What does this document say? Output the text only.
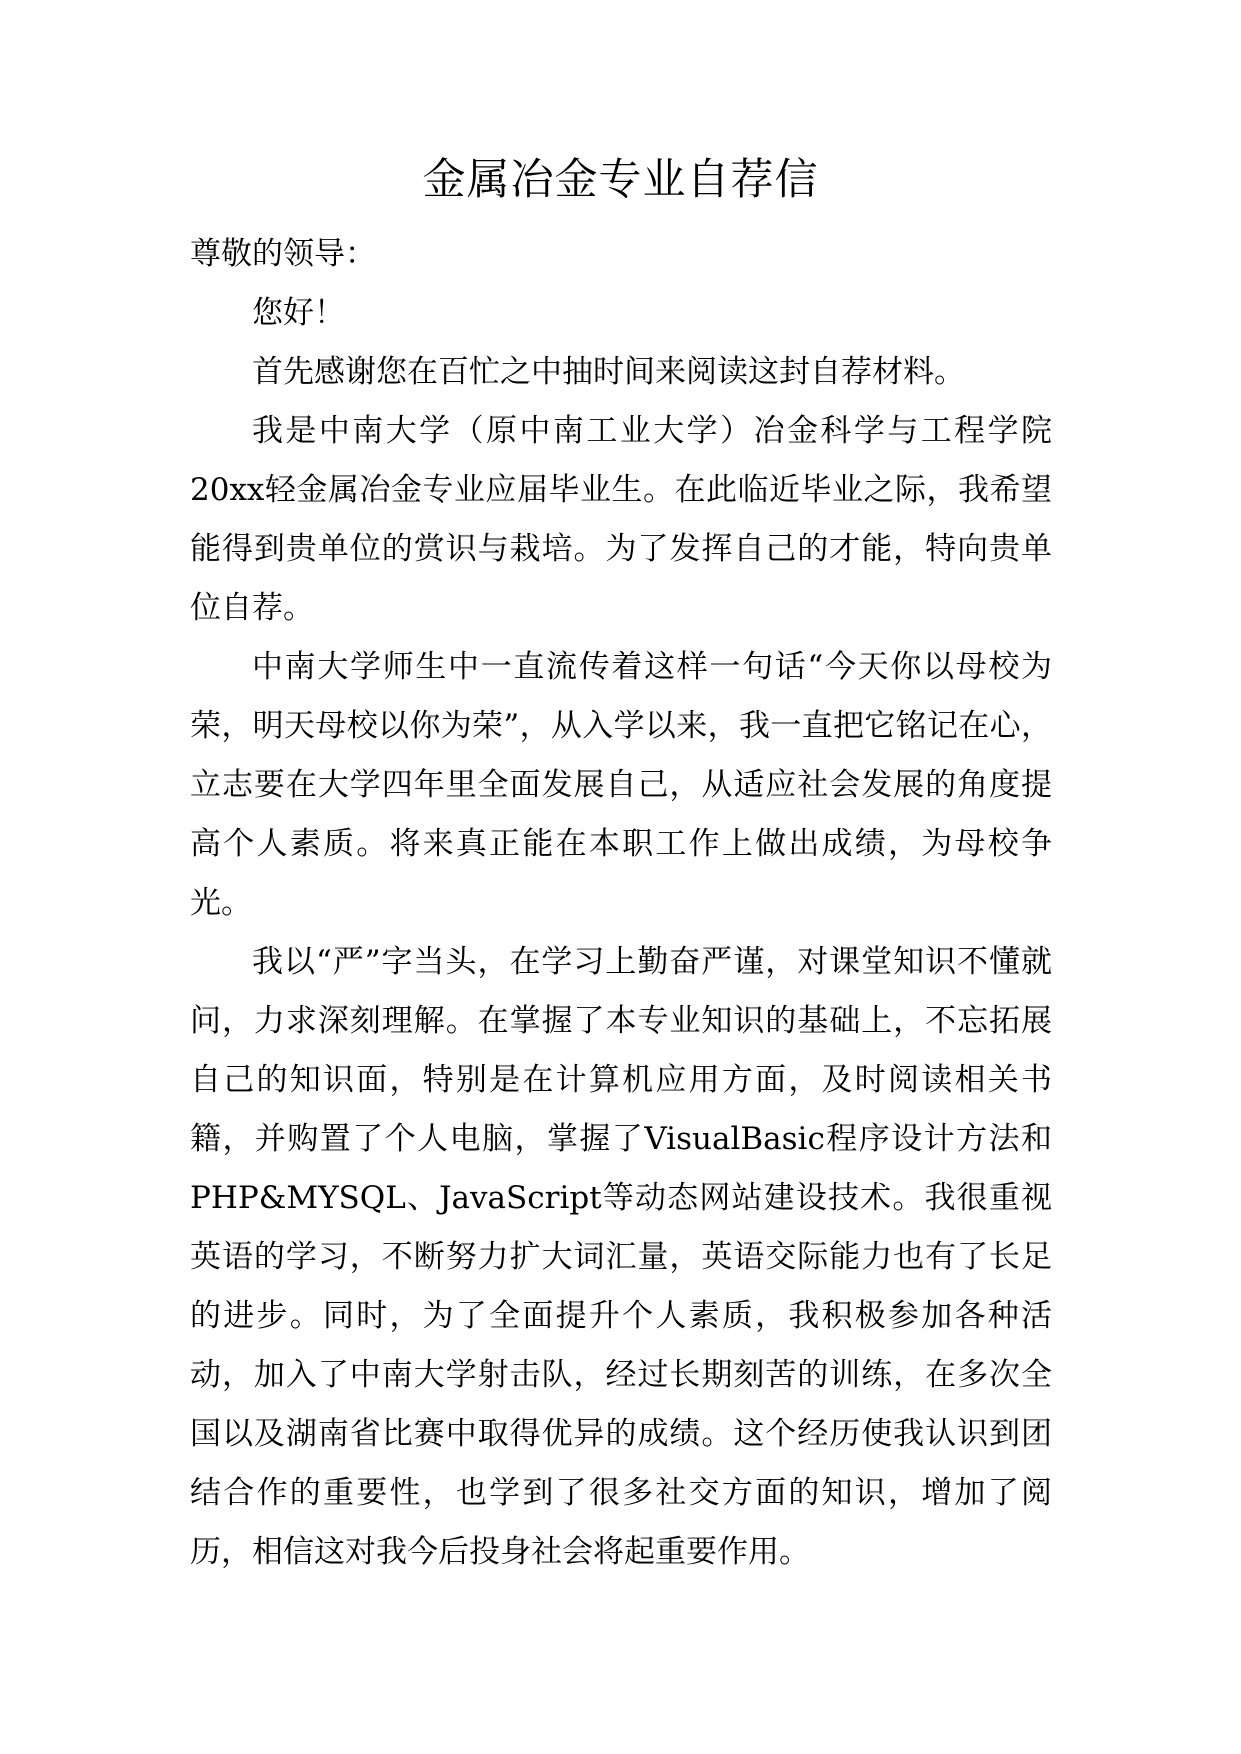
金属冶金专业自荐信

尊敬的领导：

您好！

首先感谢您在百忙之中抽时间来阅读这封自荐材料。

我是中南大学（原中南工业大学）冶金科学与工程学院20xx轻金属冶金专业应届毕业生。在此临近毕业之际，我希望能得到贵单位的赏识与栽培。为了发挥自己的才能，特向贵单位自荐。

中南大学师生中一直流传着这样一句话“今天你以母校为荣，明天母校以你为荣”，从入学以来，我一直把它铭记在心，立志要在大学四年里全面发展自己，从适应社会发展的角度提高个人素质。将来真正能在本职工作上做出成绩，为母校争光。

我以“严”字当头，在学习上勤奋严谨，对课堂知识不懂就问，力求深刻理解。在掌握了本专业知识的基础上，不忘拓展自己的知识面，特别是在计算机应用方面，及时阅读相关书籍，并购置了个人电脑，掌握了VisualBasic程序设计方法和PHP&MYSQL、JavaScript等动态网站建设技术。我很重视英语的学习，不断努力扩大词汇量，英语交际能力也有了长足的进步。同时，为了全面提升个人素质，我积极参加各种活动，加入了中南大学射击队，经过长期刻苦的训练，在多次全国以及湖南省比赛中取得优异的成绩。这个经历使我认识到团结合作的重要性，也学到了很多社交方面的知识，增加了阅历，相信这对我今后投身社会将起重要作用。
